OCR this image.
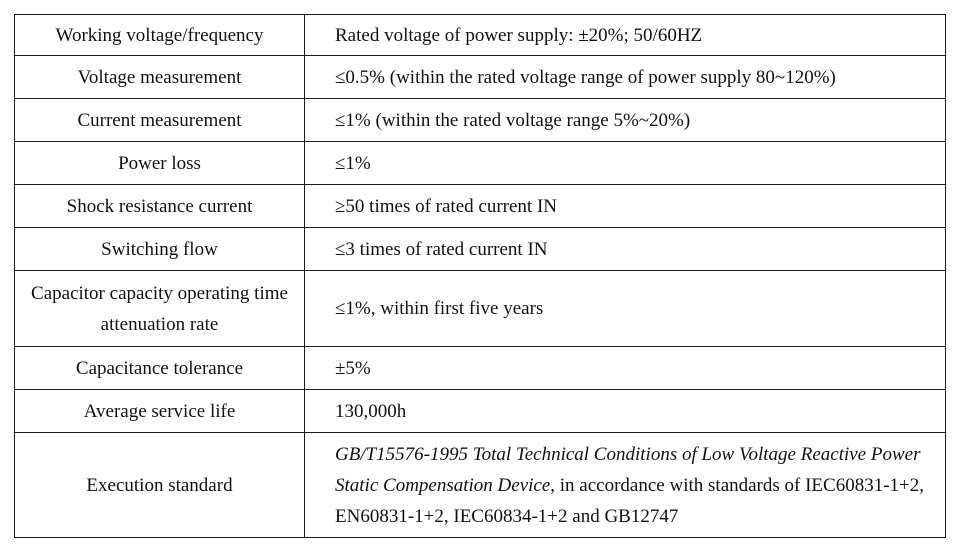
Working voltage/frequency	Rated voltage of power supply: ±20%; 50/60HZ
Voltage measurement	≤0.5% (within the rated voltage range of power supply 80~120%)
Current measurement	≤1% (within the rated voltage range 5%~20%)
Power loss	≤1%
Shock resistance current	≥50 times of rated current IN
Switching flow	≤3 times of rated current IN
Capacitor capacity operating time attenuation rate	≤1%, within first five years
Capacitance tolerance	±5%
Average service life	130,000h
Execution standard	GB/T15576-1995 Total Technical Conditions of Low Voltage Reactive Power Static Compensation Device, in accordance with standards of IEC60831-1+2, EN60831-1+2, IEC60834-1+2 and GB12747
